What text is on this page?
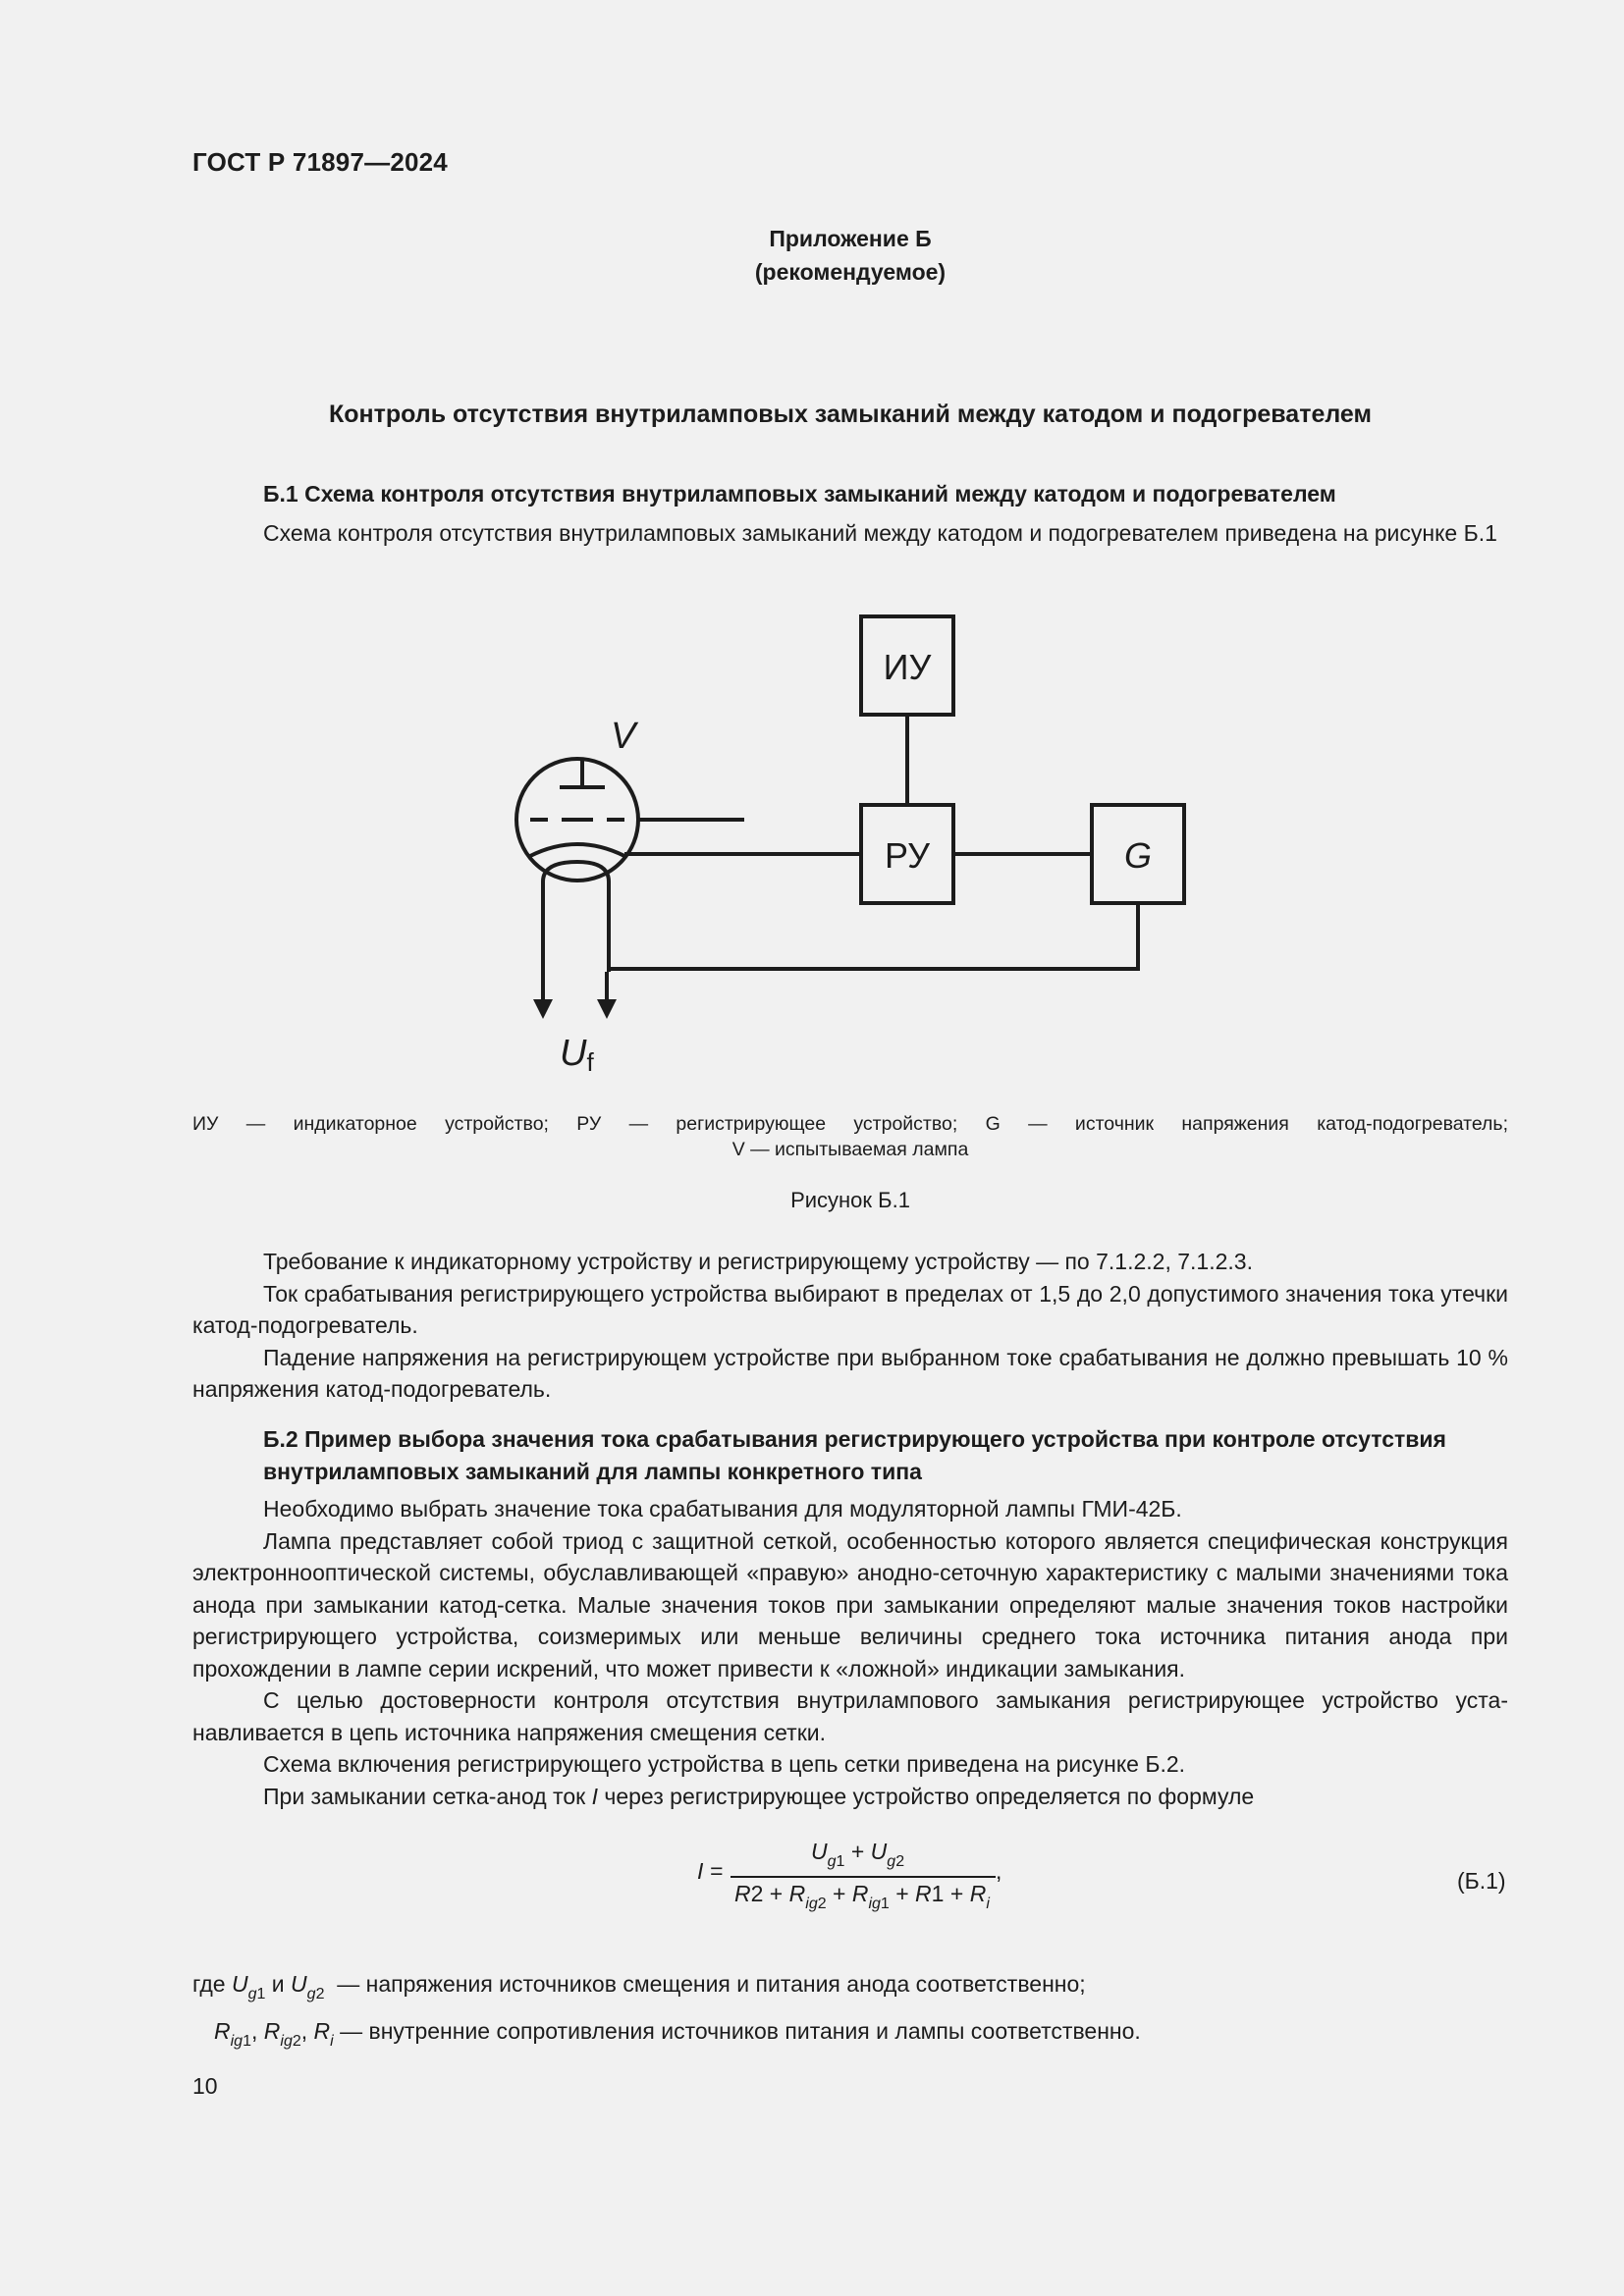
ГОСТ Р 71897—2024
Приложение Б
(рекомендуемое)
Контроль отсутствия внутриламповых замыканий между катодом и подогревателем
Б.1 Схема контроля отсутствия внутриламповых замыканий между катодом и подогревателем

Схема контроля отсутствия внутриламповых замыканий между катодом и подогревателем приведена на рисунке Б.1

ИУ
РУ	G
V
Uf
ИУ — индикаторное устройство; РУ — регистрирующее устройство; G — источник напряжения катод-подогреватель;
V — испытываемая лампа
Рисунок Б.1

Требование к индикаторному устройству и регистрирующему устройству — по 7.1.2.2, 7.1.2.3.

Ток срабатывания регистрирующего устройства выбирают в пределах от 1,5 до 2,0 допустимого значения тока утечки катод-подогреватель.

Падение напряжения на регистрирующем устройстве при выбранном токе срабатывания не должно превышать 10 % напряжения катод-подогреватель.

Б.2 Пример выбора значения тока срабатывания регистрирующего устройства при контроле отсутствия внутриламповых замыканий для лампы конкретного типа

Необходимо выбрать значение тока срабатывания для модуляторной лампы ГМИ-42Б.

Лампа представляет собой триод с защитной сеткой, особенностью которого является специфическая конструкция электроннооптической системы, обуславливающей «правую» анодно-сеточную характеристику с малыми значениями тока анода при замыкании катод-сетка. Малые значения токов при замыкании определяют малые значения токов настройки регистрирующего устройства, соизмеримых или меньше величины среднего тока источника питания анода при прохождении в лампе серии искрений, что может привести к «ложной» индикации замыкания.

С целью достоверности контроля отсутствия внутрилампового замыкания регистрирующее устройство устанавливается в цепь источника напряжения смещения сетки.

Схема включения регистрирующего устройства в цепь сетки приведена на рисунке Б.2.

При замыкании сетка-анод ток I через регистрирующее устройство определяется по формуле

I =
$U_{g1} + U_{g2}$
$R2 + R_{ig2} + R_{ig1} + R1 + R_i$
,	(Б.1)
где $U_{g1}$ и $U_{g2}$  — напряжения источников смещения и питания анода соответственно;
$R_{ig1}$, $R_{ig2}$, $R_i$ — внутренние сопротивления источников питания и лампы соответственно.
10
